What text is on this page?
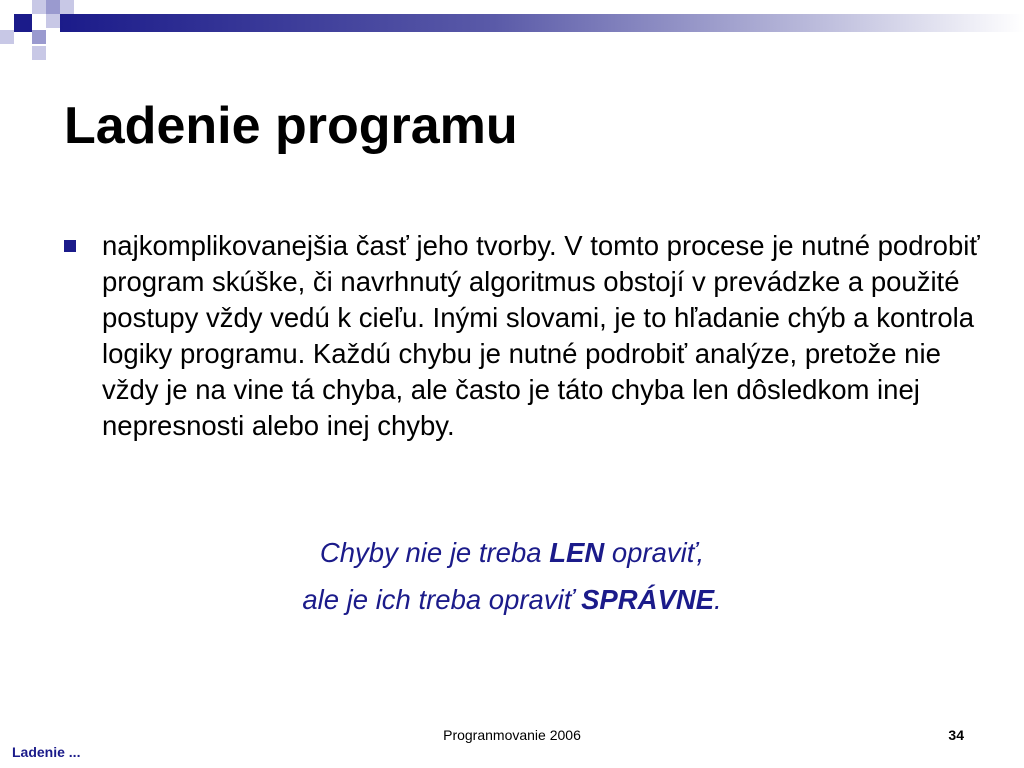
Ladenie programu

najkomplikovanejšia časť jeho tvorby. V tomto procese je nutné podrobiť program skúške, či navrhnutý algoritmus obstojí v prevádzke a použité postupy vždy vedú k cieľu. Inými slovami, je to hľadanie chýb a kontrola logiky programu. Každú chybu je nutné podrobiť analýze, pretože nie vždy je na vine tá chyba, ale často je táto chyba len dôsledkom inej nepresnosti alebo inej chyby.

Chyby nie je treba LEN opraviť,

ale je ich treba opraviť SPRÁVNE.

Progranmovanie 2006	34
Ladenie ...
